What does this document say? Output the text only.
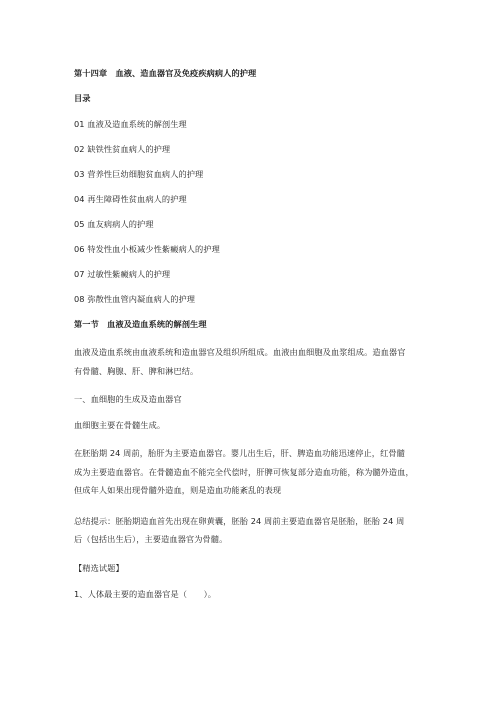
第十四章　血液、造血器官及免疫疾病病人的护理
目录
01 血液及造血系统的解剖生理
02 缺铁性贫血病人的护理
03 营养性巨幼细胞贫血病人的护理
04 再生障碍性贫血病人的护理
05 血友病病人的护理
06 特发性血小板减少性紫癜病人的护理
07 过敏性紫癜病人的护理
08 弥散性血管内凝血病人的护理
第一节　血液及造血系统的解剖生理
血液及造血系统由血液系统和造血器官及组织所组成。血液由血细胞及血浆组成。造血器官
有骨髓、胸腺、肝、脾和淋巴结。
一、血细胞的生成及造血器官
血细胞主要在骨髓生成。
在胚胎期 24 周前，胎肝为主要造血器官。婴儿出生后，肝、脾造血功能迅速停止，红骨髓
成为主要造血器官。在骨髓造血不能完全代偿时，肝脾可恢复部分造血功能，称为髓外造血，
但成年人如果出现骨髓外造血，则是造血功能紊乱的表现
总结提示：胚胎期造血首先出现在卵黄囊，胚胎 24 周前主要造血器官是胚胎，胚胎 24 周
后（包括出生后），主要造血器官为骨髓。
【精选试题】
1、人体最主要的造血器官是（　　）。
